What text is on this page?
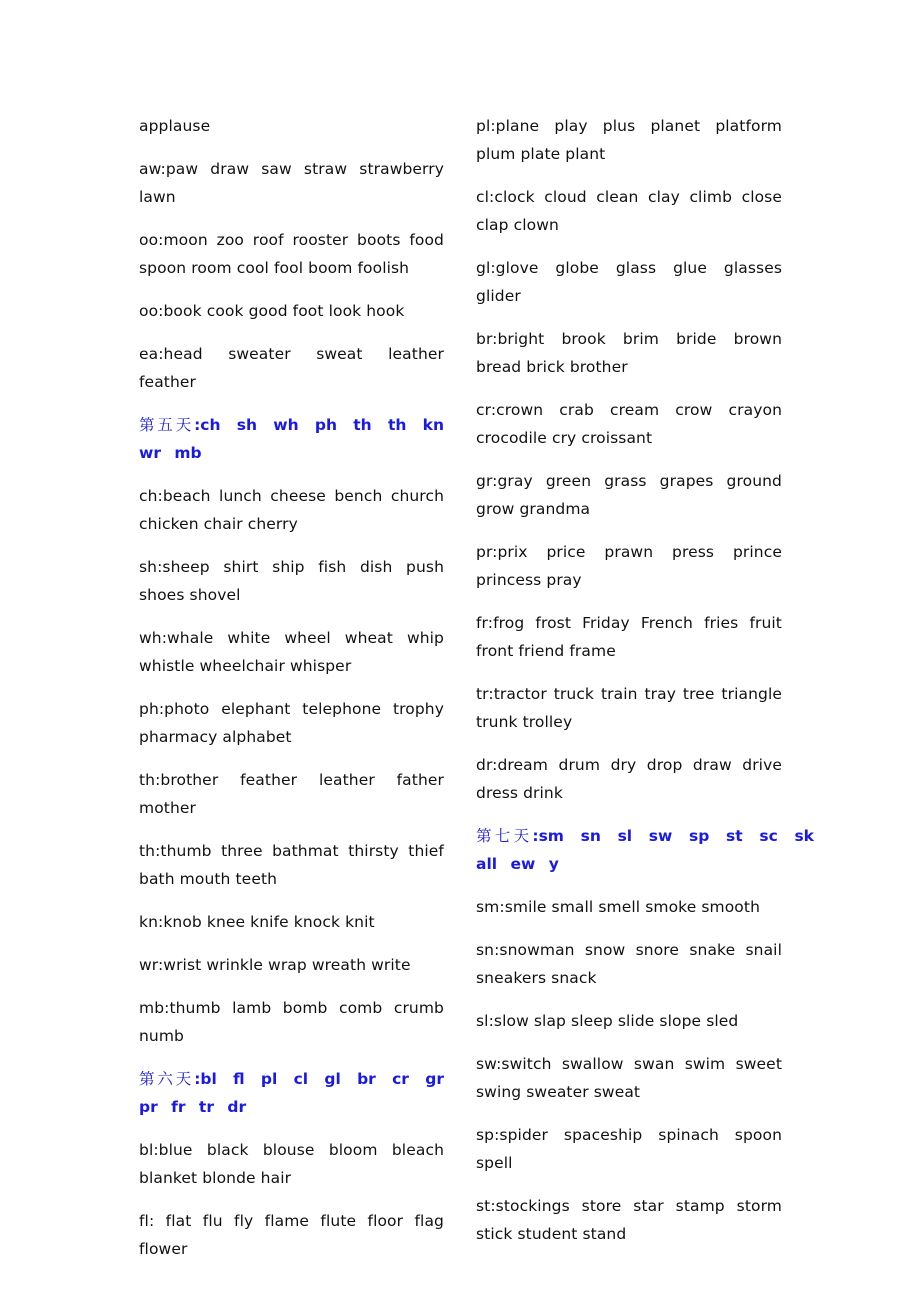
applause

aw:paw draw saw straw strawberry lawn

oo:moon zoo roof rooster boots food spoon room cool fool boom foolish

oo:book cook good foot look hook

ea:head sweater sweat leather feather

第五天:ch sh wh ph th th kn wr mb

ch:beach lunch cheese bench church chicken chair cherry

sh:sheep shirt ship fish dish push shoes shovel

wh:whale white wheel wheat whip whistle wheelchair whisper

ph:photo elephant telephone trophy pharmacy alphabet

th:brother feather leather father mother

th:thumb three bathmat thirsty thief bath mouth teeth

kn:knob knee knife knock knit

wr:wrist wrinkle wrap wreath write

mb:thumb lamb bomb comb crumb numb

第六天:bl fl pl cl gl br cr gr pr fr tr dr

bl:blue black blouse bloom bleach blanket blonde hair

fl: flat flu fly flame flute floor flag flower

pl:plane play plus planet platform plum plate plant

cl:clock cloud clean clay climb close clap clown

gl:glove globe glass glue glasses glider

br:bright brook brim bride brown bread brick brother

cr:crown crab cream crow crayon crocodile cry croissant

gr:gray green grass grapes ground grow grandma

pr:prix price prawn press prince princess pray

fr:frog frost Friday French fries fruit front friend frame

tr:tractor truck train tray tree triangle trunk trolley

dr:dream drum dry drop draw drive dress drink

第七天:sm sn sl sw sp st sc sk all ew y

sm:smile small smell smoke smooth

sn:snowman snow snore snake snail sneakers snack

sl:slow slap sleep slide slope sled

sw:switch swallow swan swim sweet swing sweater sweat

sp:spider spaceship spinach spoon spell

st:stockings store star stamp storm stick student stand
